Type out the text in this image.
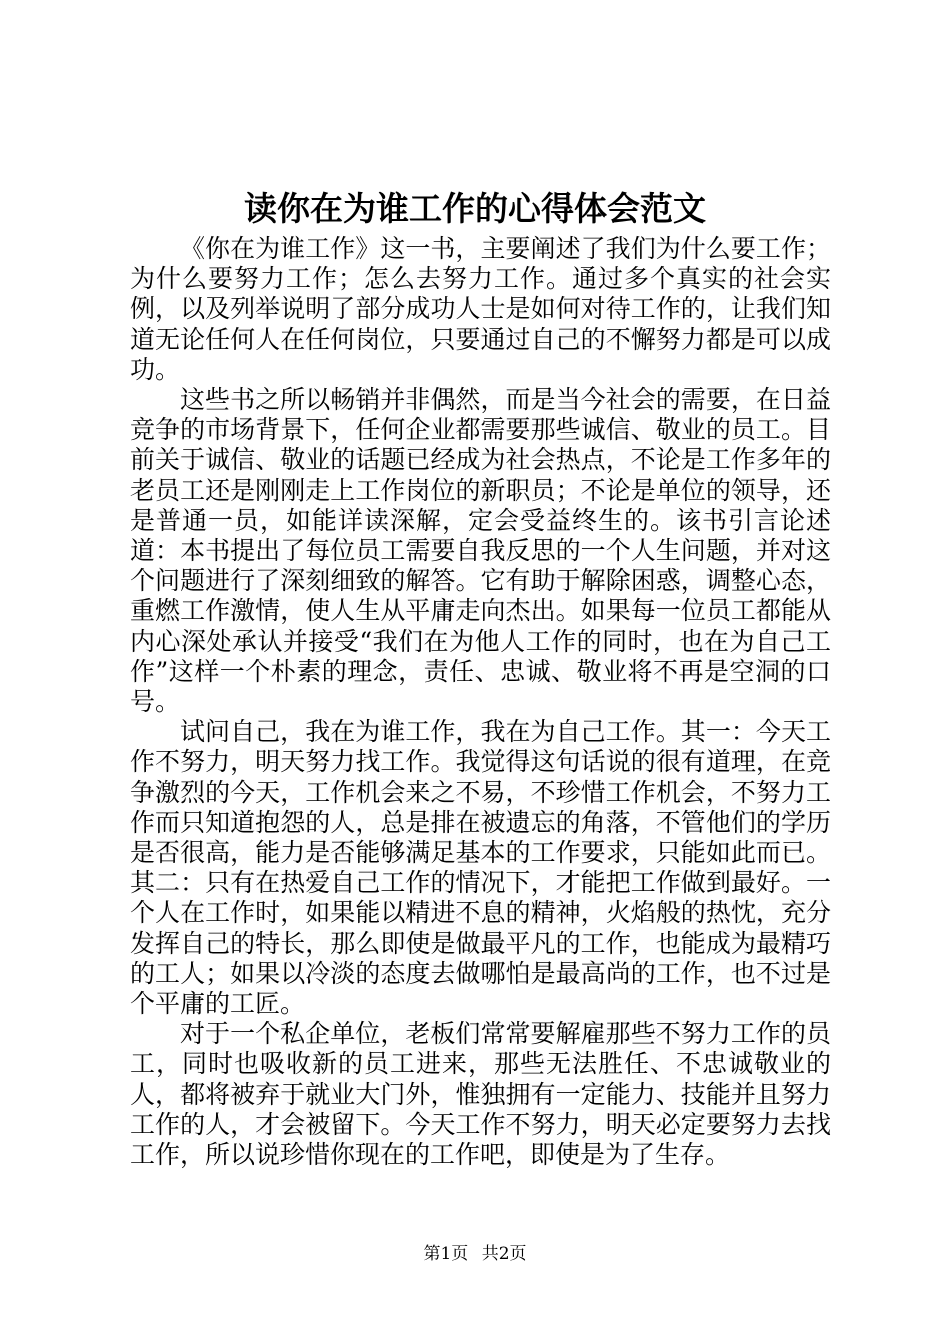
读你在为谁工作的心得体会范文

《你在为谁工作》这一书，主要阐述了我们为什么要工作；为什么要努力工作；怎么去努力工作。通过多个真实的社会实例，以及列举说明了部分成功人士是如何对待工作的，让我们知道无论任何人在任何岗位，只要通过自己的不懈努力都是可以成功。

这些书之所以畅销并非偶然，而是当今社会的需要，在日益竞争的市场背景下，任何企业都需要那些诚信、敬业的员工。目前关于诚信、敬业的话题已经成为社会热点，不论是工作多年的老员工还是刚刚走上工作岗位的新职员；不论是单位的领导，还是普通一员，如能详读深解，定会受益终生的。该书引言论述道：本书提出了每位员工需要自我反思的一个人生问题，并对这个问题进行了深刻细致的解答。它有助于解除困惑，调整心态，重燃工作激情，使人生从平庸走向杰出。如果每一位员工都能从内心深处承认并接受“我们在为他人工作的同时，也在为自己工作”这样一个朴素的理念，责任、忠诚、敬业将不再是空洞的口号。

试问自己，我在为谁工作，我在为自己工作。其一：今天工作不努力，明天努力找工作。我觉得这句话说的很有道理，在竞争激烈的今天，工作机会来之不易，不珍惜工作机会，不努力工作而只知道抱怨的人，总是排在被遗忘的角落，不管他们的学历是否很高，能力是否能够满足基本的工作要求，只能如此而已。其二：只有在热爱自己工作的情况下，才能把工作做到最好。一个人在工作时，如果能以精进不息的精神，火焰般的热忱，充分发挥自己的特长，那么即使是做最平凡的工作，也能成为最精巧的工人；如果以冷淡的态度去做哪怕是最高尚的工作，也不过是个平庸的工匠。

对于一个私企单位，老板们常常要解雇那些不努力工作的员工，同时也吸收新的员工进来，那些无法胜任、不忠诚敬业的人，都将被弃于就业大门外，惟独拥有一定能力、技能并且努力工作的人，才会被留下。今天工作不努力，明天必定要努力去找工作，所以说珍惜你现在的工作吧，即使是为了生存。

第1页 共2页
